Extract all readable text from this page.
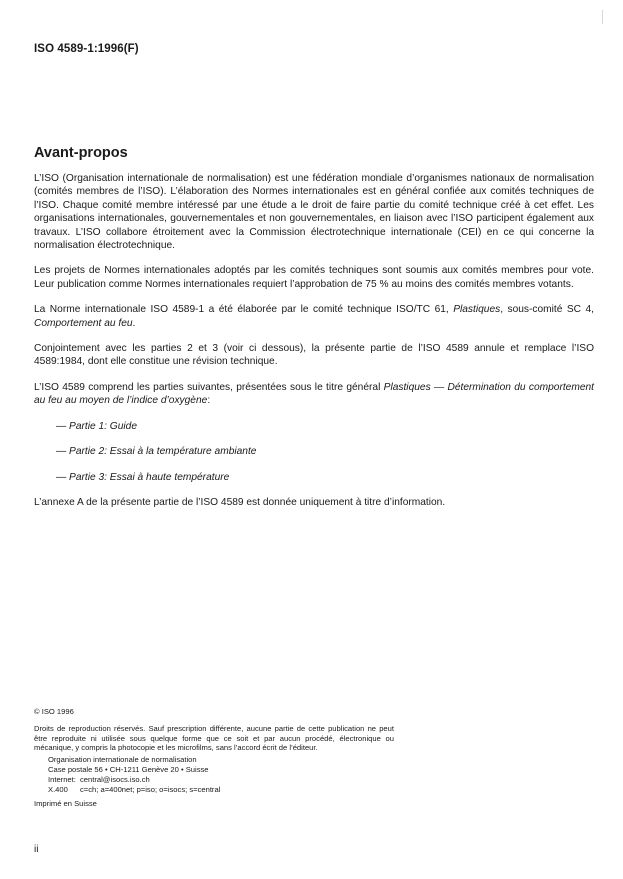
ISO 4589-1:1996(F)
Avant-propos

L’ISO (Organisation internationale de normalisation) est une fédération mondiale d’organismes nationaux de normalisation (comités membres de l’ISO). L’élaboration des Normes internationales est en général confiée aux comités techniques de l’ISO. Chaque comité membre intéressé par une étude a le droit de faire partie du comité technique créé à cet effet. Les organisations internationales, gouvernementales et non gouvernementales, en liaison avec l’ISO participent également aux travaux. L’ISO collabore étroitement avec la Commission électrotechnique internationale (CEI) en ce qui concerne la normalisation électrotechnique.

Les projets de Normes internationales adoptés par les comités techniques sont soumis aux comités membres pour vote. Leur publication comme Normes internationales requiert l’approbation de 75 % au moins des comités membres votants.

La Norme internationale ISO 4589-1 a été élaborée par le comité technique ISO/TC 61, Plastiques, sous-comité SC 4, Comportement au feu.

Conjointement avec les parties 2 et 3 (voir ci dessous), la présente partie de l’ISO 4589 annule et remplace l’ISO 4589:1984, dont elle constitue une révision technique.

L’ISO 4589 comprend les parties suivantes, présentées sous le titre général Plastiques — Détermination du comportement au feu au moyen de l’indice d’oxygène:

— Partie 1: Guide
— Partie 2: Essai à la température ambiante
— Partie 3: Essai à haute température

L’annexe A de la présente partie de l’ISO 4589 est donnée uniquement à titre d’information.

© ISO 1996
Droits de reproduction réservés. Sauf prescription différente, aucune partie de cette publication ne peut être reproduite ni utilisée sous quelque forme que ce soit et par aucun procédé, électronique ou mécanique, y compris la photocopie et les microfilms, sans l’accord écrit de l’éditeur.
Organisation internationale de normalisation
Case postale 56 • CH-1211 Genève 20 • Suisse
Internet: central@isocs.iso.ch
X.400	c=ch; a=400net; p=iso; o=isocs; s=central
Imprimé en Suisse
ii
